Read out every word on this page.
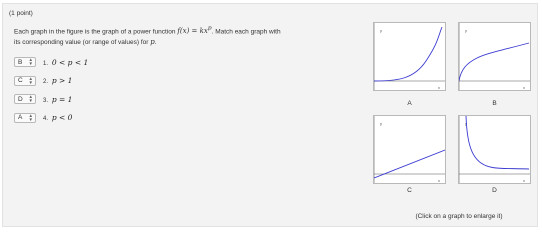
(1 point)
Each graph in the figure is the graph of a power function $f(x) = kx^p$. Match each graph with
its corresponding value (or range of values) for p.
B ▲
▼ 1. 0 < p < 1
C ▲
▼ 2. p > 1
D ▲
▼ 3. p = 1
A ▲
▼ 4. p < 0
y
x
A
y
x
B
y
x
C
y
x
D
(Click on a graph to enlarge it)
